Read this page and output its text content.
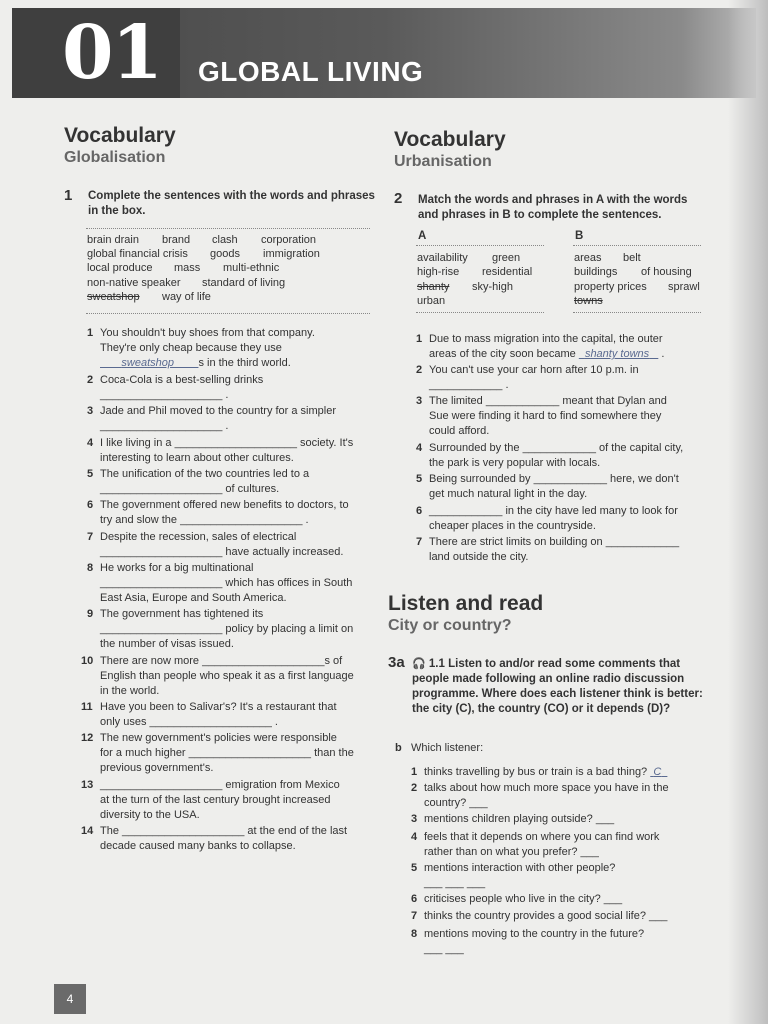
01 GLOBAL LIVING
Vocabulary
Globalisation
1 Complete the sentences with the words and phrases
in the box.
brain drain brand clash corporation
global financial crisis goods immigration
local produce mass multi-ethnic
non-native speaker standard of living
sweatshop way of life
1 You shouldn't buy shoes from that company.
They're only cheap because they use
sweatshop s in the third world.
2 Coca-Cola is a best-selling drinks
____________________ .
3 Jade and Phil moved to the country for a simpler
____________________ .
4 I like living in a ____________________ society. It's
interesting to learn about other cultures.
5 The unification of the two countries led to a
____________________ of cultures.
6 The government offered new benefits to doctors, to
try and slow the ____________________ .
7 Despite the recession, sales of electrical
____________________ have actually increased.
8 He works for a big multinational
____________________ which has offices in South
East Asia, Europe and South America.
9 The government has tightened its
____________________ policy by placing a limit on
the number of visas issued.
10 There are now more ____________________s of
English than people who speak it as a first language
in the world.
11 Have you been to Salivar's? It's a restaurant that
only uses ____________________ .
12 The new government's policies were responsible
for a much higher ____________________ than the
previous government's.
13 ____________________ emigration from Mexico
at the turn of the last century brought increased
diversity to the USA.
14 The ____________________ at the end of the last
decade caused many banks to collapse.
Vocabulary
Urbanisation
2 Match the words and phrases in A with the words
and phrases in B to complete the sentences.
A	B
availability green
high-rise residential
shanty sky-high
urban
areas belt
buildings of housing
property prices sprawl
towns
1 Due to mass migration into the capital, the outer
areas of the city soon became shanty towns .
2 You can't use your car horn after 10 p.m. in
____________ .
3 The limited ____________ meant that Dylan and
Sue were finding it hard to find somewhere they
could afford.
4 Surrounded by the ____________ of the capital city,
the park is very popular with locals.
5 Being surrounded by ____________ here, we don't
get much natural light in the day.
6 ____________ in the city have led many to look for
cheaper places in the countryside.
7 There are strict limits on building on ____________
land outside the city.
Listen and read
City or country?
3a 🎧 1.1 Listen to and/or read some comments that
people made following an online radio discussion
programme. Where does each listener think is better:
the city (C), the country (CO) or it depends (D)?
b Which listener:
1 thinks travelling by bus or train is a bad thing? C
2 talks about how much more space you have in the
country? ___
3 mentions children playing outside? ___
4 feels that it depends on where you can find work
rather than on what you prefer? ___
5 mentions interaction with other people?
___ ___ ___
6 criticises people who live in the city? ___
7 thinks the country provides a good social life? ___
8 mentions moving to the country in the future?
___ ___
4
